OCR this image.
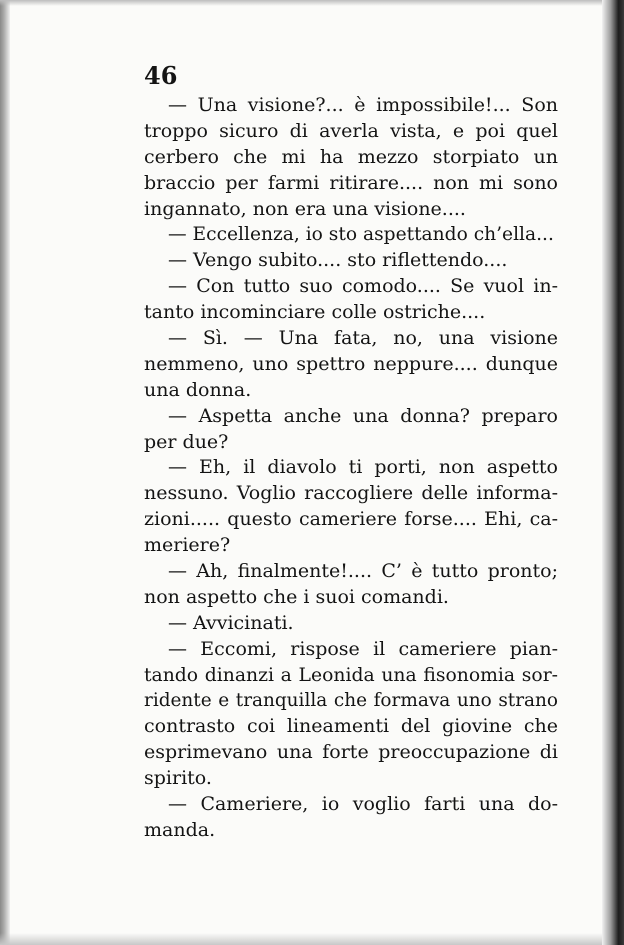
46
— Una visione?... è impossibile!... Son
troppo sicuro di averla vista, e poi quel
cerbero che mi ha mezzo storpiato un
braccio per farmi ritirare.... non mi sono
ingannato, non era una visione....
— Eccellenza, io sto aspettando ch’ella...
— Vengo subito.... sto riflettendo....
— Con tutto suo comodo.... Se vuol in-
tanto incominciare colle ostriche....
— Sì. — Una fata, no, una visione
nemmeno, uno spettro neppure.... dunque
una donna.
— Aspetta anche una donna? preparo
per due?
— Eh, il diavolo ti porti, non aspetto
nessuno. Voglio raccogliere delle informa-
zioni..... questo cameriere forse.... Ehi, ca-
meriere?
— Ah, finalmente!.... C’ è tutto pronto;
non aspetto che i suoi comandi.
— Avvicinati.
— Eccomi, rispose il cameriere pian-
tando dinanzi a Leonida una fisonomia sor-
ridente e tranquilla che formava uno strano
contrasto coi lineamenti del giovine che
esprimevano una forte preoccupazione di
spirito.
— Cameriere, io voglio farti una do-
manda.
